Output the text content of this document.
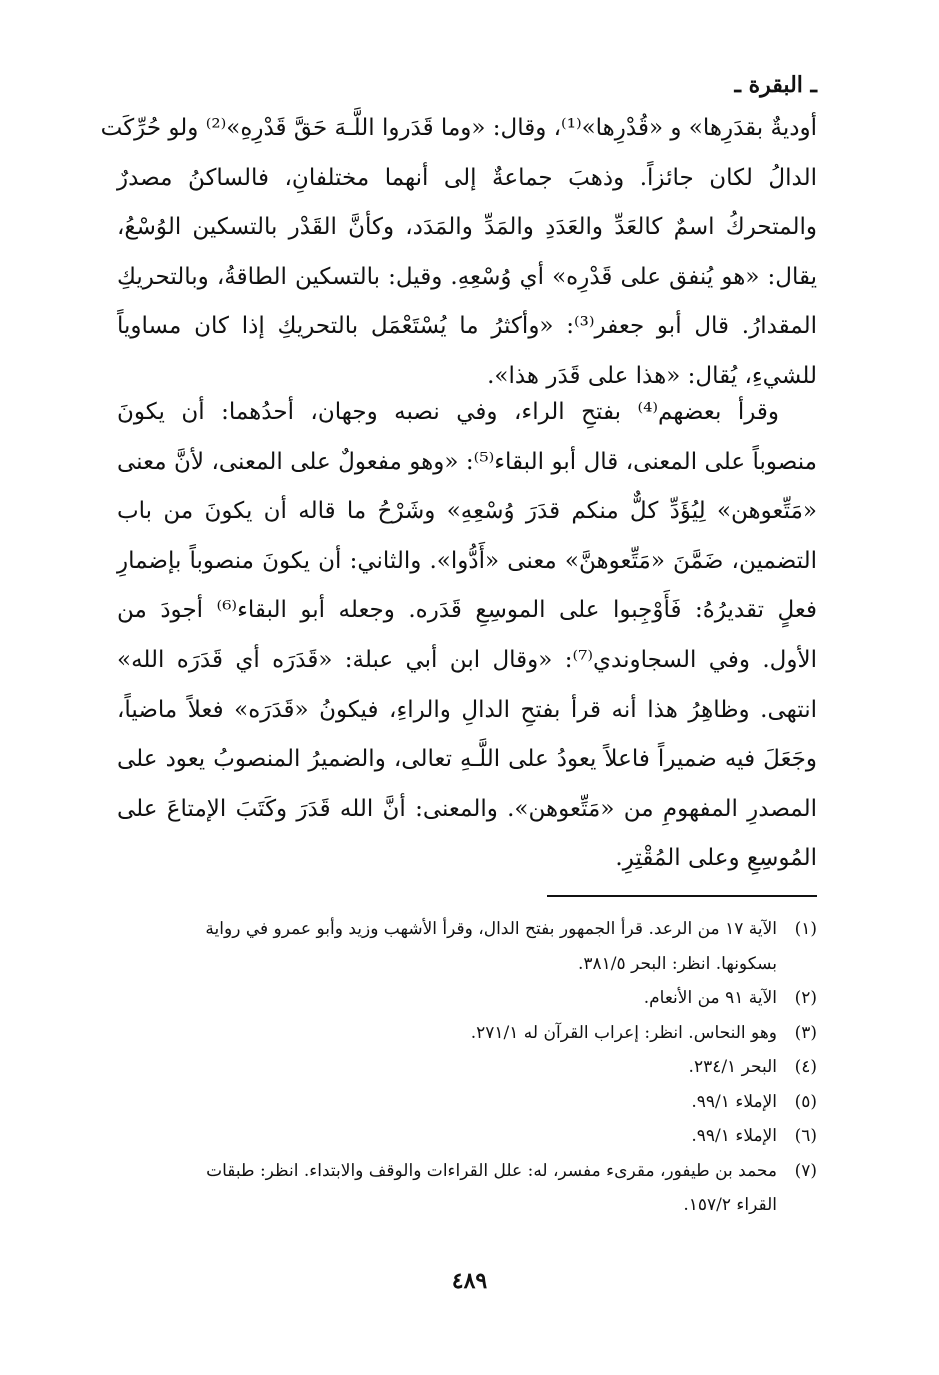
ـ البقرة ـ
أوديةٌ بقدَرِها» و «قُدْرِها»⁽¹⁾، وقال: «وما قَدَروا اللَّـهَ حَقَّ قَدْرِهِ»⁽²⁾ ولو حُرِّكَت
الدالُ لكان جائزاً. وذهبَ جماعةٌ إلى أنهما مختلفانِ، فالساكنُ مصدرٌ
والمتحركُ اسمٌ كالعَدِّ والعَدَدِ والمَدِّ والمَدَد، وكأنَّ القَدْر بالتسكين الوُسْعُ،
يقال: «هو يُنفق على قَدْرِه» أي وُسْعِهِ. وقيل: بالتسكين الطاقةُ، وبالتحريكِ
المقدارُ. قال أبو جعفر⁽³⁾: «وأكثرُ ما يُسْتَعْمَل بالتحريكِ إذا كان مساوياً
للشيءِ، يُقال: «هذا على قَدَر هذا».
وقرأ بعضهم⁽⁴⁾ بفتحِ الراء، وفي نصبه وجهان، أحدُهما: أن يكونَ
منصوباً على المعنى، قال أبو البقاء⁽⁵⁾: «وهو مفعولٌ على المعنى، لأنَّ معنى
«مَتِّعوهن» لِيُؤَدِّ كلٌّ منكم قدَرَ وُسْعِهِ» وشَرْحُ ما قاله أن يكونَ من باب
التضمين، ضَمَّنَ «مَتِّعوهنَّ» معنى «أَدُّوا». والثاني: أن يكونَ منصوباً بإضمارِ
فعلٍ تقديرُهُ: فَأَوْجِبوا على الموسِعِ قَدَره. وجعله أبو البقاء⁽⁶⁾ أجودَ من
الأول. وفي السجاوندي⁽⁷⁾: «وقال ابن أبي عبلة: «قَدَرَه أي قَدَرَه الله»
انتهى. وظاهِرُ هذا أنه قرأ بفتحِ الدالِ والراءِ، فيكونُ «قَدَرَه» فعلاً ماضياً،
وجَعَلَ فيه ضميراً فاعلاً يعودُ على اللَّـهِ تعالى، والضميرُ المنصوبُ يعود على
المصدرِ المفهومِ من «مَتِّعوهن». والمعنى: أنَّ الله قَدَرَ وكَتَبَ الإمتاعَ على
المُوسِعِ وعلى المُقْتِرِ.
(١)الآية ١٧ من الرعد. قرأ الجمهور بفتح الدال، وقرأ الأشهب وزيد وأبو عمرو في رواية
بسكونها. انظر: البحر ٣٨١/٥.
(٢)الآية ٩١ من الأنعام.
(٣)وهو النحاس. انظر: إعراب القرآن له ٢٧١/١.
(٤)البحر ٢٣٤/١.
(٥)الإملاء ٩٩/١.
(٦)الإملاء ٩٩/١.
(٧)محمد بن طيفور، مقرىء مفسر، له: علل القراءات والوقف والابتداء. انظر: طبقات
القراء ١٥٧/٢.
٤٨٩
